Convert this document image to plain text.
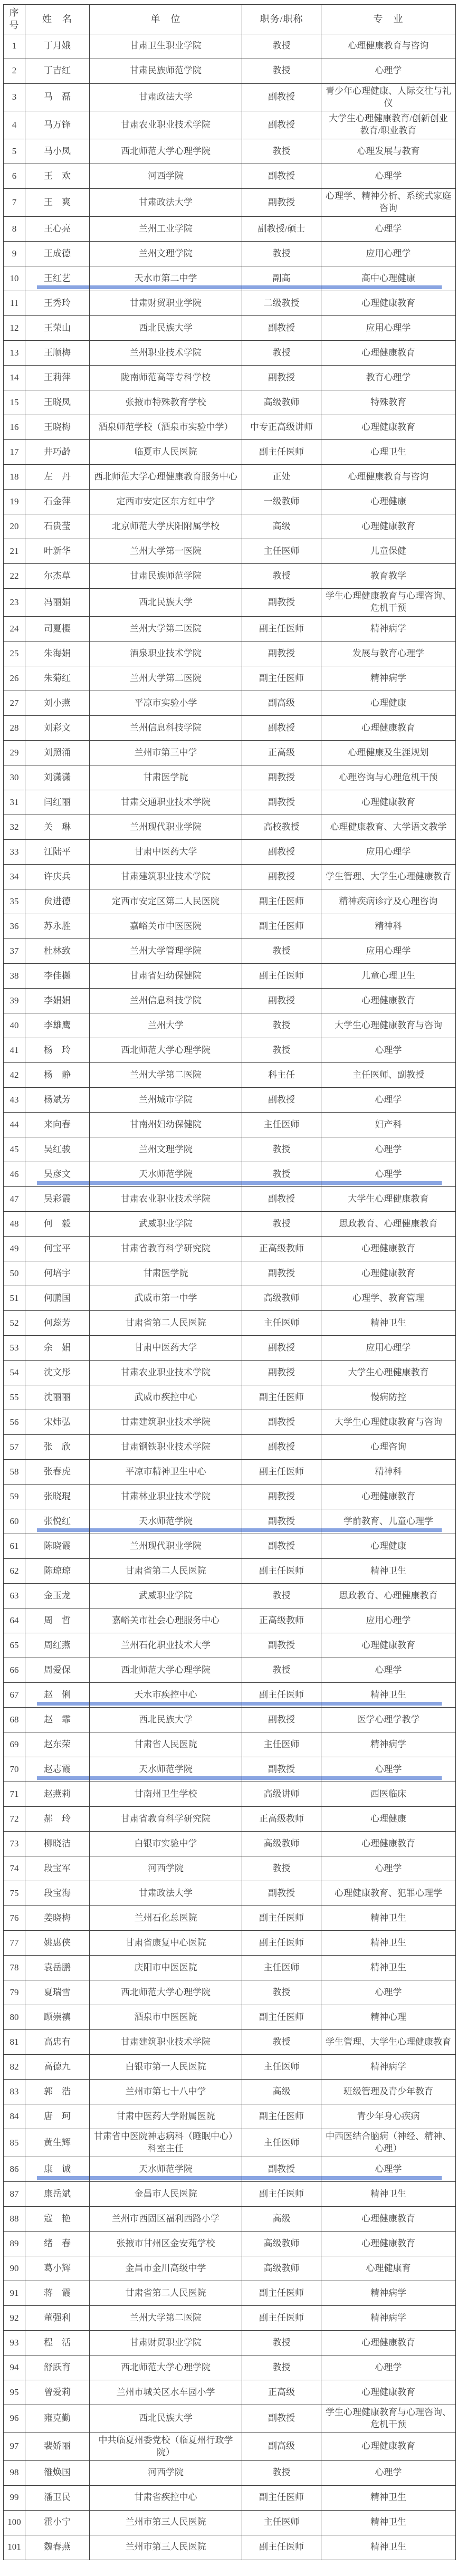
序号	姓　名	单　位	职务/职称	专　业
1	丁月娥	甘肃卫生职业学院	教授	心理健康教育与咨询
2	丁吉红	甘肃民族师范学院	教授	心理学
3	马　磊	甘肃政法大学	副教授	青少年心理健康、人际交往与礼仪
4	马万锋	甘肃农业职业技术学院	副教授	大学生心理健康教育/创新创业教育/职业教育
5	马小凤	西北师范大学心理学院	教授	心理发展与教育
6	王　欢	河西学院	副教授	心理学
7	王　爽	甘肃政法大学	副教授	心理学、精神分析、系统式家庭咨询
8	王心亮	兰州工业学院	副教授/硕士	心理学
9	王成德	兰州文理学院	教授	应用心理学
10	王红艺	天水市第二中学	副高	高中心理健康
11	王秀玲	甘肃财贸职业学院	二级教授	心理健康教育
12	王荣山	西北民族大学	副教授	应用心理学
13	王顺梅	兰州职业技术学院	教授	心理健康教育
14	王莉萍	陇南师范高等专科学校	副教授	教育心理学
15	王晓凤	张掖市特殊教育学校	高级教师	特殊教育
16	王晓梅	酒泉师范学校（酒泉市实验中学）	中专正高级讲师	心理健康教育
17	井巧龄	临夏市人民医院	副主任医师	心理卫生
18	左　丹	西北师范大学心理健康教育服务中心	正处	心理健康教育与咨询
19	石金萍	定西市安定区东方红中学	一级教师	心理健康
20	石贵莹	北京师范大学庆阳附属学校	高级	心理健康教育
21	叶新华	兰州大学第一医院	主任医师	儿童保健
22	尔杰草	甘肃民族师范学院	教授	教育教学
23	冯丽娟	西北民族大学	副教授	学生心理健康教育与心理咨询、危机干预
24	司夏樱	兰州大学第二医院	副主任医师	精神病学
25	朱海娟	酒泉职业技术学院	副教授	发展与教育心理学
26	朱菊红	兰州大学第二医院	副主任医师	精神病学
27	刘小燕	平凉市实验小学	副高级	心理健康
28	刘彩文	兰州信息科技学院	副教授	心理健康教育
29	刘照涌	兰州市第三中学	正高级	心理健康及生涯规划
30	刘潇潇	甘肃医学院	副教授	心理咨询与心理危机干预
31	闫红丽	甘肃交通职业技术学院	副教授	心理健康教育
32	关　琳	兰州现代职业学院	高校教授	心理健康教育、大学语文教学
33	江陆平	甘肃中医药大学	副教授	应用心理学
34	许庆兵	甘肃建筑职业技术学院	副教授	学生管理、大学生心理健康教育
35	贠进德	定西市安定区第二人民医院	副主任医师	精神疾病诊疗及心理咨询
36	苏永胜	嘉峪关市中医医院	副主任医师	精神科
37	杜林致	兰州大学管理学院	教授	应用心理学
38	李佳樾	甘肃省妇幼保健院	副主任医师	儿童心理卫生
39	李娟娟	兰州信息科技学院	副教授	心理健康教育
40	李雄鹰	兰州大学	教授	大学生心理健康教育与咨询
41	杨　玲	西北师范大学心理学院	教授	心理学
42	杨　静	兰州大学第二医院	科主任	主任医师、副教授
43	杨斌芳	兰州城市学院	副教授	心理学
44	来向春	甘南州妇幼保健院	主任医师	妇产科
45	吴红骏	兰州文理学院	教授	心理学
46	吴彦文	天水师范学院	教授	心理学
47	吴彩霞	甘肃农业职业技术学院	副教授	大学生心理健康教育
48	何　毅	武威职业学院	教授	思政教育、心理健康教育
49	何宝平	甘肃省教育科学研究院	正高级教师	心理健康教育
50	何培宇	甘肃医学院	副教授	心理健康教育
51	何鹏国	武威市第一中学	高级教师	心理学、教育管理
52	何蕊芳	甘肃省第二人民医院	主任医师	精神卫生
53	余　娟	甘肃中医药大学	副教授	应用心理学
54	沈文彤	甘肃农业职业技术学院	副教授	大学生心理健康教育
55	沈丽丽	武威市疾控中心	副主任医师	慢病防控
56	宋炜弘	甘肃建筑职业技术学院	副教授	大学生心理健康教育与咨询
57	张　欣	甘肃钢铁职业技术学院	副教授	心理咨询
58	张春虎	平凉市精神卫生中心	副主任医师	精神科
59	张晓琨	甘肃林业职业技术学院	副教授	心理健康教育
60	张悦红	天水师范学院	副教授	学前教育、儿童心理学
61	陈晓霞	兰州现代职业学院	副教授	心理健康
62	陈琼琼	甘肃省第二人民医院	副主任医师	精神卫生
63	金玉龙	武威职业学院	教授	思政教育、心理健康教育
64	周　哲	嘉峪关市社会心理服务中心	正高级教师	应用心理学
65	周红燕	兰州石化职业技术大学	副教授	心理健康教育
66	周爱保	西北师范大学心理学院	教授	心理学
67	赵　俐	天水市疾控中心	副主任医师	精神卫生
68	赵　霏	西北民族大学	副教授	医学心理学教学
69	赵东荣	甘肃省人民医院	主任医师	精神病学
70	赵志霞	天水师范学院	副教授	心理学
71	赵燕莉	甘南州卫生学校	高级讲师	西医临床
72	郝　玲	甘肃省教育科学研究院	正高级教师	心理健康
73	柳晓洁	白银市实验中学	高级教师	心理健康教育
74	段宝军	河西学院	教授	心理学
75	段宝海	甘肃政法大学	副教授	心理健康教育、犯罪心理学
76	姜晓梅	兰州石化总医院	副主任医师	精神卫生
77	姚惠侠	甘肃省康复中心医院	副主任医师	精神卫生
78	袁岳鹏	庆阳市中医医院	主任医师	精神卫生
79	夏瑞雪	西北师范大学心理学院	教授	心理学
80	顾崇禛	酒泉市中医医院	副主任医师	精神心理
81	高忠有	甘肃建筑职业技术学院	教授	学生管理、大学生心理健康教育
82	高德九	白银市第一人民医院	主任医师	精神病学
83	郭　浩	兰州市第七十八中学	高级	班级管理及青少年教育
84	唐　珂	甘肃中医药大学附属医院	副主任医师	青少年身心疾病
85	黄生辉	甘肃省中医院神志病科（睡眠中心）科室主任	主任医师	中西医结合脑病（神经、精神、心理）
86	康　诚	天水师范学院	副教授	心理学
87	康岳斌	金昌市人民医院	副主任医师	精神卫生
88	寇　艳	兰州市西固区福利西路小学	高级	心理健康教育
89	绪　春	张掖市甘州区金安苑学校	高级教师	心理健康教育
90	葛小辉	金昌市金川高级中学	高级教师	心理健康育
91	蒋　霞	甘肃省第二人民医院	副主任医师	精神病学
92	董强利	兰州大学第二医院	副主任医师	精神病学
93	程　活	甘肃财贸职业学院	教授	心理健康教育
94	舒跃育	西北师范大学心理学院	教授	心理学
95	曾爱莉	兰州市城关区水车园小学	正高级	心理健康教育
96	雍克勤	西北民族大学	副教授	学生心理健康教育与心理咨询、危机干预
97	裴娇丽	中共临夏州委党校（临夏州行政学院）	副高级	心理健康教育
98	雒焕国	河西学院	教授	心理学
99	潘卫民	甘肃省疾控中心	副主任医师	精神卫生
100	霍小宁	兰州市第三人民医院	主任医师	精神卫生
101	魏春燕	兰州市第三人民医院	副主任医师	精神卫生
